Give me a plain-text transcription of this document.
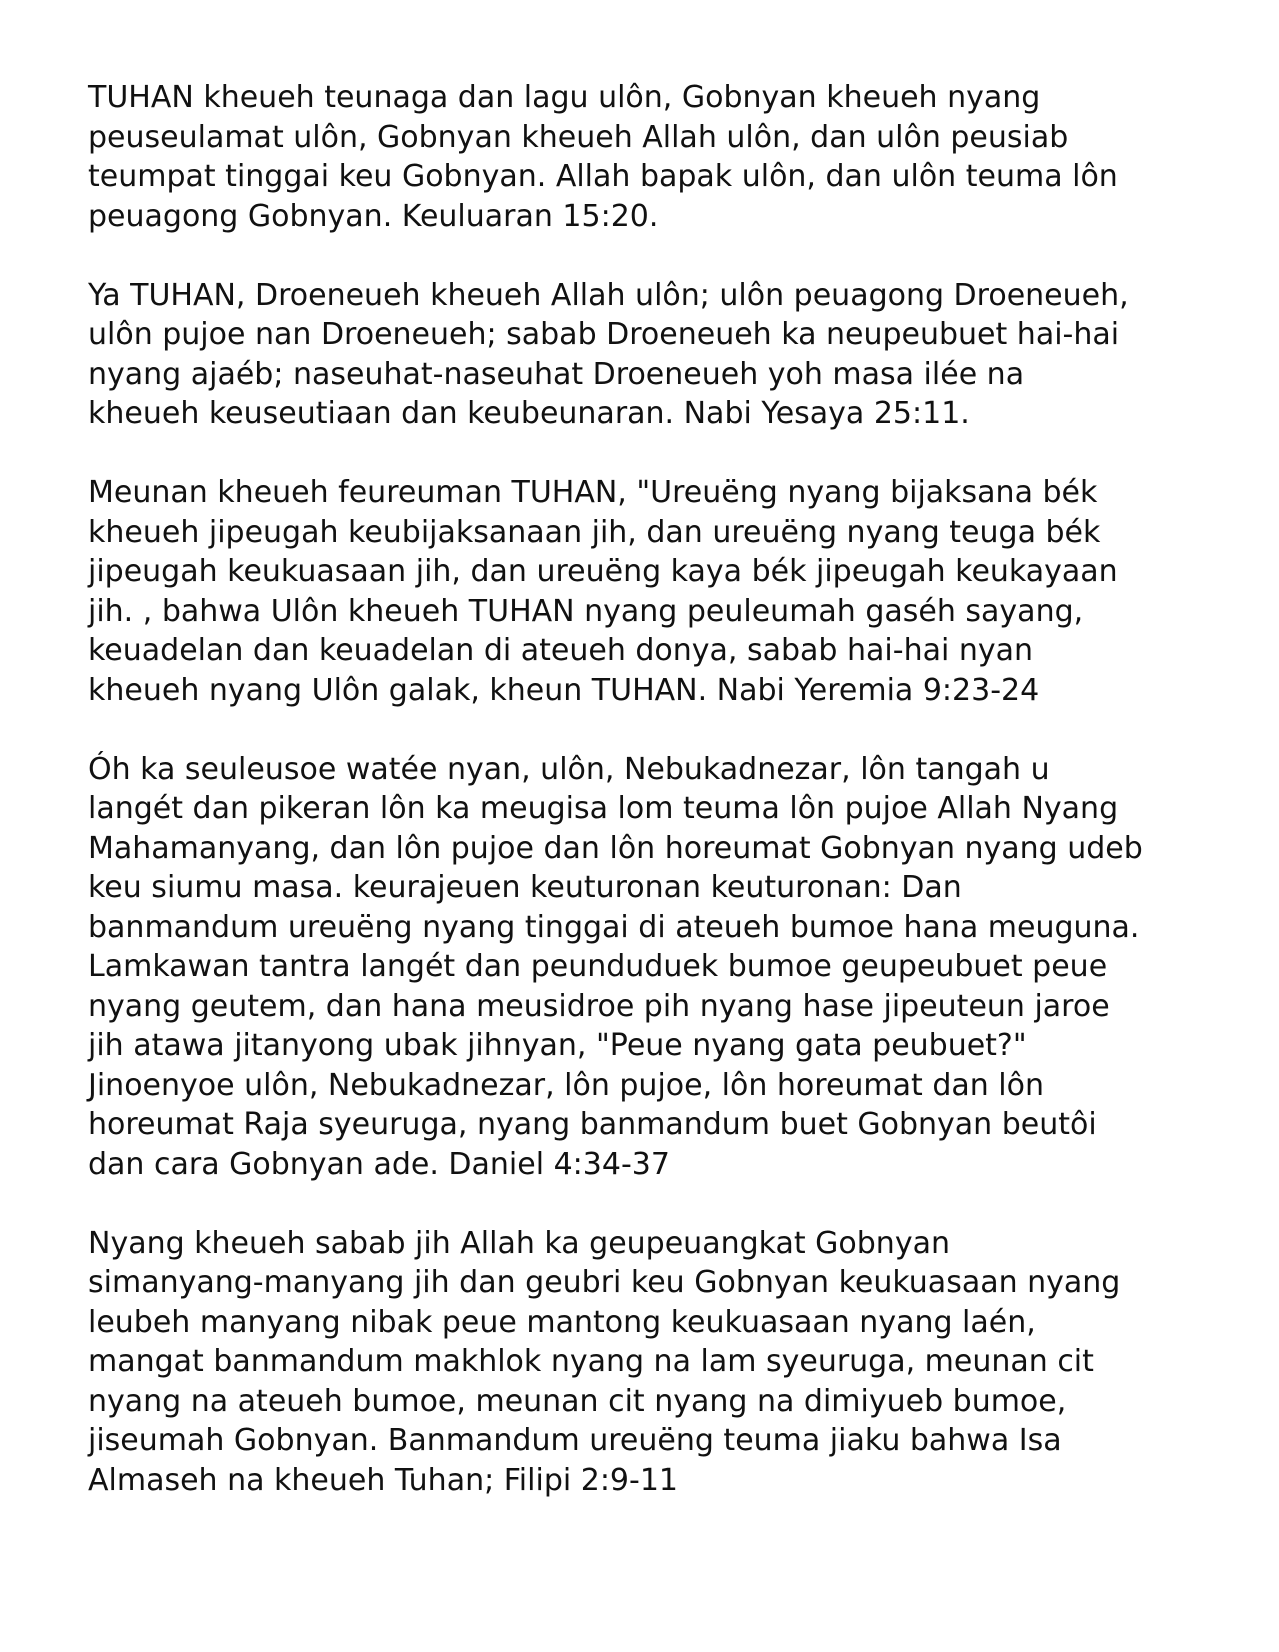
TUHAN kheueh teunaga dan lagu ulôn, Gobnyan kheueh nyang
peuseulamat ulôn, Gobnyan kheueh Allah ulôn, dan ulôn peusiab
teumpat tinggai keu Gobnyan. Allah bapak ulôn, dan ulôn teuma lôn
peuagong Gobnyan. Keuluaran 15:20.

Ya TUHAN, Droeneueh kheueh Allah ulôn; ulôn peuagong Droeneueh,
ulôn pujoe nan Droeneueh; sabab Droeneueh ka neupeubuet hai-hai
nyang ajaéb; naseuhat-naseuhat Droeneueh yoh masa ilée na
kheueh keuseutiaan dan keubeunaran. Nabi Yesaya 25:11.

Meunan kheueh feureuman TUHAN, "Ureuëng nyang bijaksana bék
kheueh jipeugah keubijaksanaan jih, dan ureuëng nyang teuga bék
jipeugah keukuasaan jih, dan ureuëng kaya bék jipeugah keukayaan
jih. , bahwa Ulôn kheueh TUHAN nyang peuleumah gaséh sayang,
keuadelan dan keuadelan di ateueh donya, sabab hai-hai nyan
kheueh nyang Ulôn galak, kheun TUHAN. Nabi Yeremia 9:23-24

Óh ka seuleusoe watée nyan, ulôn, Nebukadnezar, lôn tangah u
langét dan pikeran lôn ka meugisa lom teuma lôn pujoe Allah Nyang
Mahamanyang, dan lôn pujoe dan lôn horeumat Gobnyan nyang udeb
keu siumu masa. keurajeuen keuturonan keuturonan: Dan
banmandum ureuëng nyang tinggai di ateueh bumoe hana meuguna.
Lamkawan tantra langét dan peunduduek bumoe geupeubuet peue
nyang geutem, dan hana meusidroe pih nyang hase jipeuteun jaroe
jih atawa jitanyong ubak jihnyan, "Peue nyang gata peubuet?"
Jinoenyoe ulôn, Nebukadnezar, lôn pujoe, lôn horeumat dan lôn
horeumat Raja syeuruga, nyang banmandum buet Gobnyan beutôi
dan cara Gobnyan ade. Daniel 4:34-37

Nyang kheueh sabab jih Allah ka geupeuangkat Gobnyan
simanyang-manyang jih dan geubri keu Gobnyan keukuasaan nyang
leubeh manyang nibak peue mantong keukuasaan nyang laén,
mangat banmandum makhlok nyang na lam syeuruga, meunan cit
nyang na ateueh bumoe, meunan cit nyang na dimiyueb bumoe,
jiseumah Gobnyan. Banmandum ureuëng teuma jiaku bahwa Isa
Almaseh na kheueh Tuhan; Filipi 2:9-11
